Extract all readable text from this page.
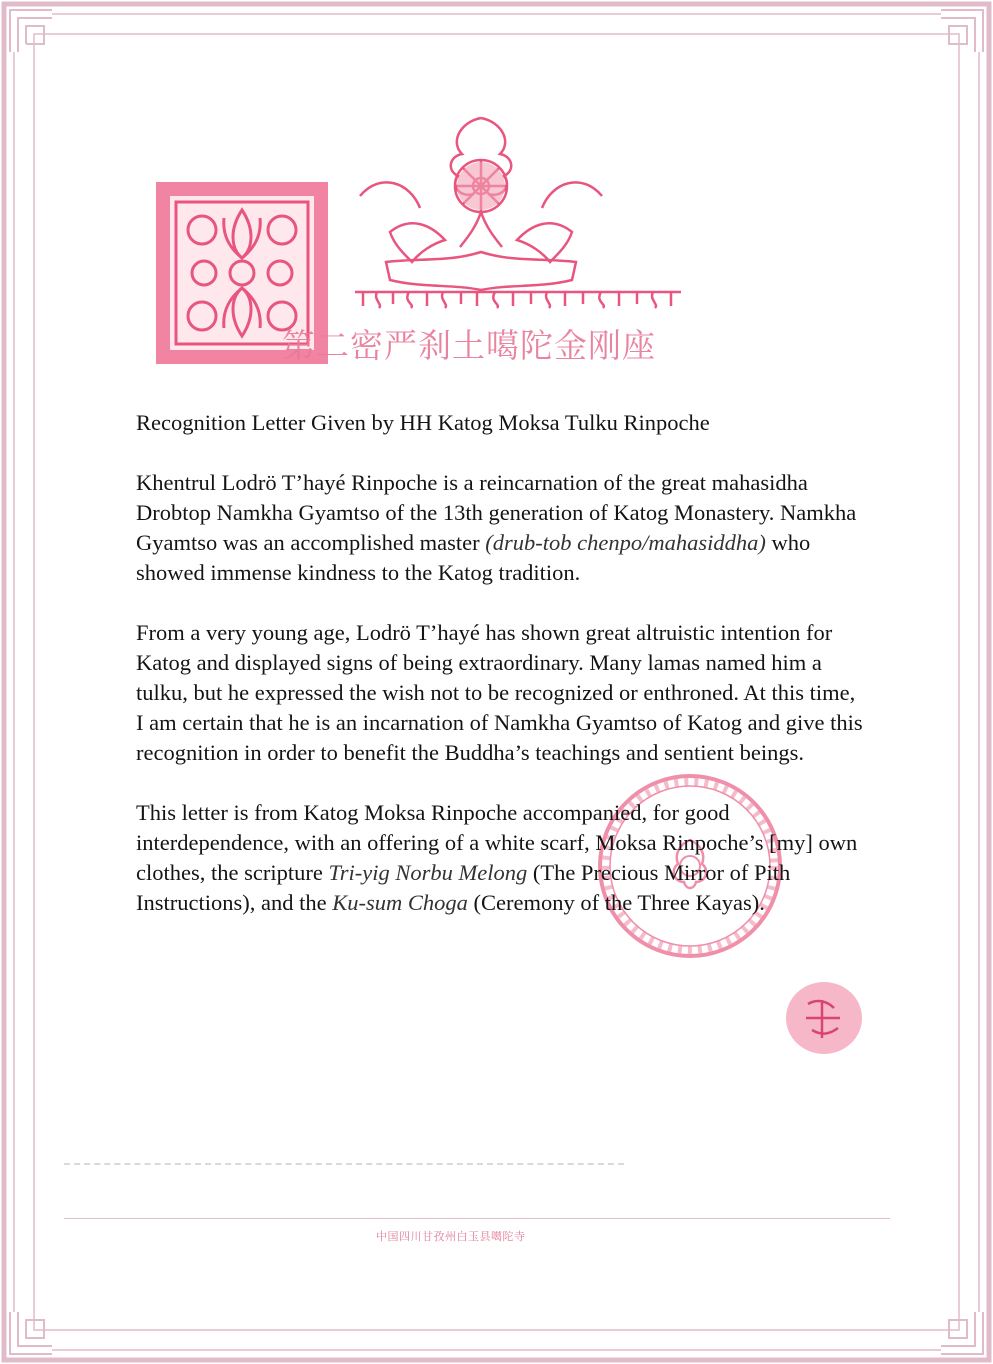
第二密严刹土噶陀金刚座

Recognition Letter Given by HH Katog Moksa Tulku Rinpoche

Khentrul Lodrö T’hayé Rinpoche is a reincarnation of the great mahasidha Drobtop Namkha Gyamtso of the 13th generation of Katog Monastery. Namkha Gyamtso was an accomplished master (drub-tob chenpo/mahasiddha) who showed immense kindness to the Katog tradition.

From a very young age, Lodrö T’hayé has shown great altruistic intention for Katog and displayed signs of being extraordinary. Many lamas named him a tulku, but he expressed the wish not to be recognized or enthroned. At this time, I am certain that he is an incarnation of Namkha Gyamtso of Katog and give this recognition in order to benefit the Buddha’s teachings and sentient beings.

This letter is from Katog Moksa Rinpoche accompanied, for good interdependence, with an offering of a white scarf, Moksa Rinpoche’s [my] own clothes, the scripture Tri-yig Norbu Melong (The Precious Mirror of Pith Instructions), and the Ku-sum Choga (Ceremony of the Three Kayas).

中国四川甘孜州白玉县噶陀寺
